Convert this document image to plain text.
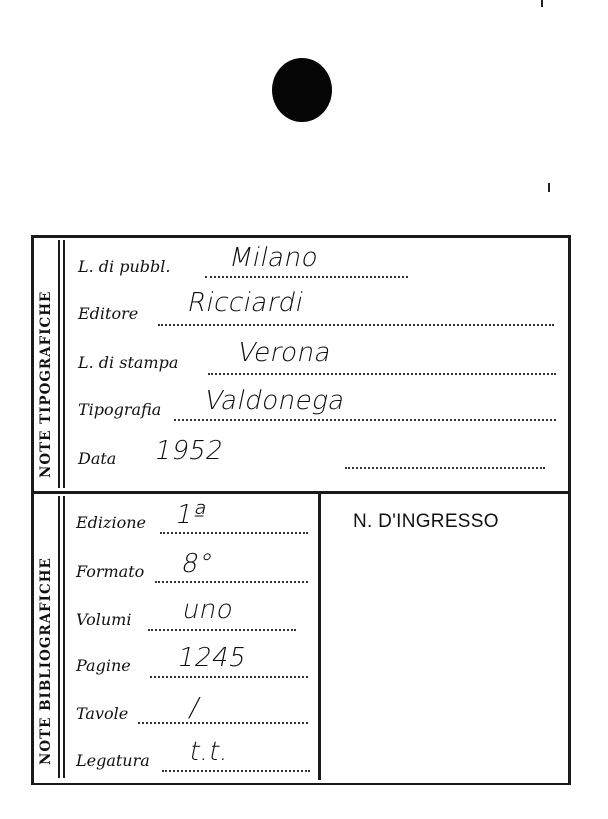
NOTE TIPOGRAFICHE
NOTE BIBLIOGRAFICHE
L. di pubbl. Milano
Editore Ricciardi
L. di stampa Verona
Tipografia Valdonega
Data 1952
Edizione 1ª
Formato 8°
Volumi uno
Pagine 1245
Tavole /
Legatura t.t.
N. D'INGRESSO
